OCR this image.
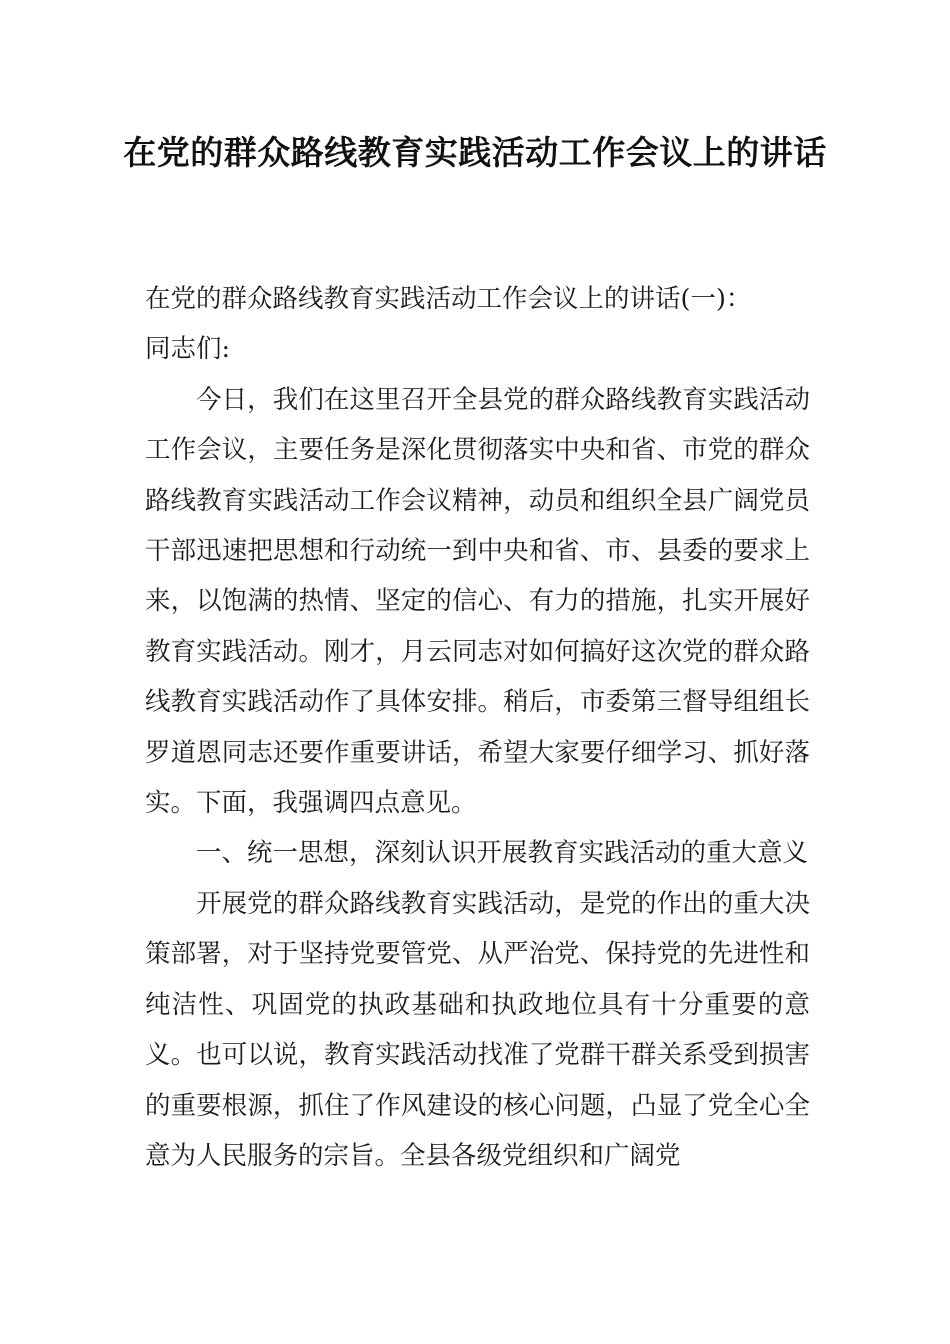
在党的群众路线教育实践活动工作会议上的讲话

在党的群众路线教育实践活动工作会议上的讲话(一)：

同志们:

今日，我们在这里召开全县党的群众路线教育实践活动工作会议，主要任务是深化贯彻落实中央和省、市党的群众路线教育实践活动工作会议精神，动员和组织全县广阔党员干部迅速把思想和行动统一到中央和省、市、县委的要求上来，以饱满的热情、坚定的信心、有力的措施，扎实开展好教育实践活动。刚才，月云同志对如何搞好这次党的群众路线教育实践活动作了具体安排。稍后，市委第三督导组组长罗道恩同志还要作重要讲话，希望大家要仔细学习、抓好落实。下面，我强调四点意见。

一、统一思想，深刻认识开展教育实践活动的重大意义

开展党的群众路线教育实践活动，是党的作出的重大决策部署，对于坚持党要管党、从严治党、保持党的先进性和纯洁性、巩固党的执政基础和执政地位具有十分重要的意义。也可以说，教育实践活动找准了党群干群关系受到损害的重要根源，抓住了作风建设的核心问题，凸显了党全心全意为人民服务的宗旨。全县各级党组织和广阔党
